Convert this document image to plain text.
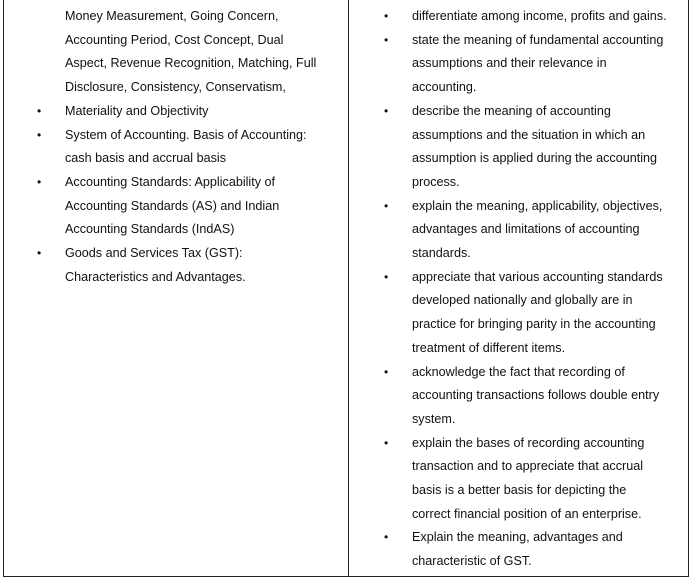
Money Measurement, Going Concern,
Accounting Period, Cost Concept, Dual
Aspect, Revenue Recognition, Matching, Full
Disclosure, Consistency, Conservatism,
• Materiality and Objectivity
• System of Accounting. Basis of Accounting:
cash basis and accrual basis
• Accounting Standards: Applicability of
Accounting Standards (AS) and Indian
Accounting Standards (IndAS)
• Goods and Services Tax (GST):
Characteristics and Advantages.
• differentiate among income, profits and gains.
• state the meaning of fundamental accounting
assumptions and their relevance in
accounting.
• describe the meaning of accounting
assumptions and the situation in which an
assumption is applied during the accounting
process.
• explain the meaning, applicability, objectives,
advantages and limitations of accounting
standards.
• appreciate that various accounting standards
developed nationally and globally are in
practice for bringing parity in the accounting
treatment of different items.
• acknowledge the fact that recording of
accounting transactions follows double entry
system.
• explain the bases of recording accounting
transaction and to appreciate that accrual
basis is a better basis for depicting the
correct financial position of an enterprise.
• Explain the meaning, advantages and
characteristic of GST.
